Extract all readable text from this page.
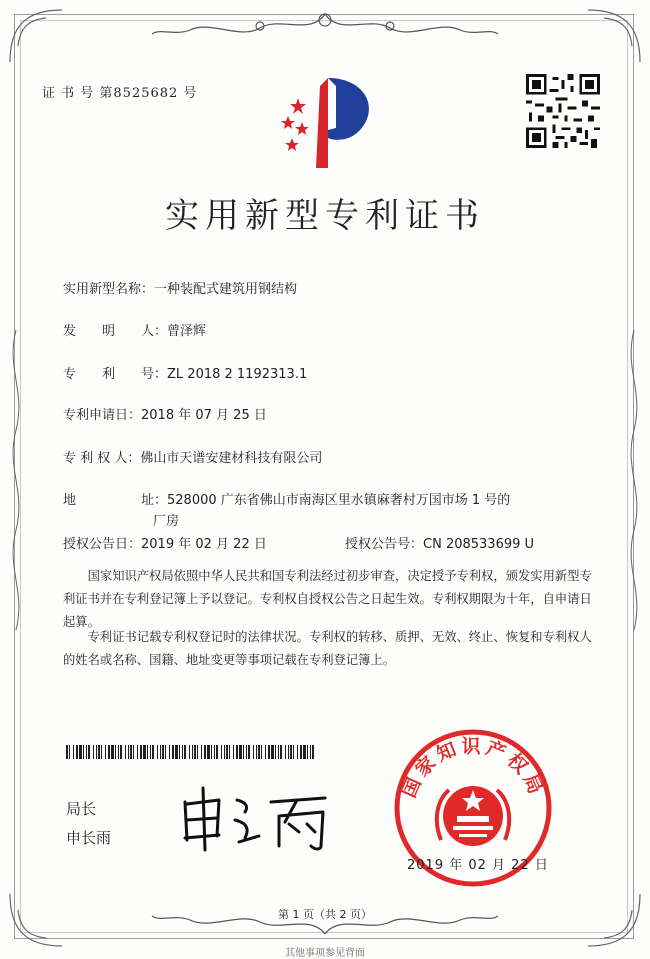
证 书 号 第8525682 号
实用新型专利证书
实用新型名称：一种装配式建筑用钢结构
发　　明　　人：曾泽辉
专　　利　　号：ZL 2018 2 1192313.1
专利申请日：2018 年 07 月 25 日
专 利 权 人：佛山市天谱安建材科技有限公司
地　　　　　址：528000 广东省佛山市南海区里水镇麻奢村万国市场 1 号的
厂房
授权公告日：2019 年 02 月 22 日	授权公告号：CN 208533699 U
　　国家知识产权局依照中华人民共和国专利法经过初步审查，决定授予专利权，颁发实用新型专利证书并在专利登记簿上予以登记。专利权自授权公告之日起生效。专利权期限为十年，自申请日起算。
　　专利证书记载专利权登记时的法律状况。专利权的转移、质押、无效、终止、恢复和专利权人的姓名或名称、国籍、地址变更等事项记载在专利登记簿上。
局长
申长雨
国家知识产权局
2019 年 02 月 22 日
第 1 页（共 2 页）
其他事项参见背面
